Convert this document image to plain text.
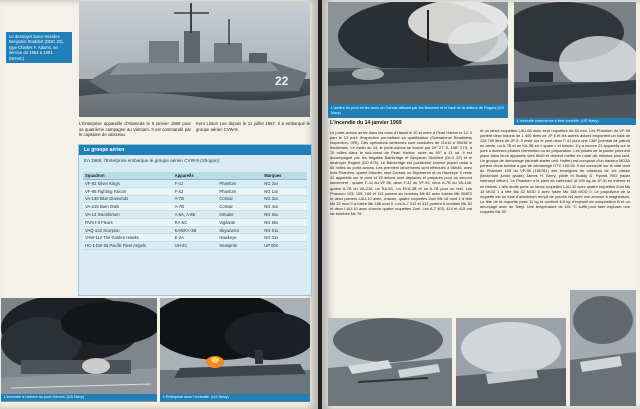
Le destroyer lance-missiles Benjamin Stoddert (DDG 22), type Charles F. Adams, en service de 1964 à 1991. (NHHC)
22
L'Enterprise appareille d'Alameda le 6 janvier 1969 pour sa quatrième campagne au Vietnam. Il est commandé par le capitaine de vaisseau
Kent Liston Lee depuis le 11 juillet 1967. Il a embarqué le groupe aérien CVW-9.
Le groupe aérien
En 1969, l'Enterprise embarque le groupe aérien CVW-9 (Shogun)
Squadron	Appareils		Marques
VF-92 Silver Kings	F-4J	Phantom	NG 2xx
VF-96 Fighting Falcon	F-4J	Phantom	NG 1xx
VA-146 Blue Diamonds	A-7B	Corsair	NG 3xx
VA-215 Barn Owls	A-7B	Corsair	NG 4xx
VA-14 Swordsmen	A-6A, A-6B	Intruder	NG 5xx
RVAH-6 Fleurs	RA-5C	Vigilante	NG 60x
VAQ-132 Scorpion	KA/EKA-3B	Skywarrior	NG 61x
VAW-112 The Golden Hawks	E-2A	Hawkeye	NG 01x
HC-1 Det 65 Pacific Fleet Angels	UH-2C	Seasprite	UP 00x
L'incendie à l'arrière du pont d'envol. (US Navy)	L'Enterprise avec l'incendie. (US Navy)
L'arrière du pont en feu avec un Corsair attisant par les flammes et le haut de la mâture de Rogers (US Navy)
L'incendie commence à être contrôlé. (US Navy)
L'incendie du 14 janvier 1969
Le porte-avions arrive dans les eaux d'Hawaï le 10 et entre à Pearl Harbor le 12. Il part le 13 pour l'inspection permettant sa qualification (Operational Readiness Inspection, ORI). Des opérations aériennes sont conduites de 11h10 à 00h38 le lendemain. Le matin du 14, le porte-avions se trouve par 20° 27' S, 158° 27'5, à 70 milles dans le sud-ouest de Pearl Harbor, route au 90° à 11 nd. Il est accompagné par les frégates Bainbridge et Benjamin Stoddert (DLG 22) et le destroyer Rogers (DD 876). Le Bainbridge est positionné comme piquet radar à 60 milles du porte-avions. Les premiers lancements sont effectués à 06h45, avec trois Phantom, quatre Intruder, sept Corsair, un Skywarrior et un Hawkeye. Il reste 41 appareils sur le pont et 15 avions sont déplacés et préparés pour un second lancement : quatre F-4J du VF-96, deux F-4J du VF-92, deux A-7B du VA-146, quatre A-7B du VA-215, un RA-5C, un EKA-3B et un A-7B pour un test. Les Phantom 103, 105, 106 et 113 portent six bombes Mk 82 avec fusées Mk 904E2 et deux paniers LAU-10 avec, chacun, quatre roquettes Zuni Mk 16 mod 1 à tête Mk 32 mod 0 à fusée Mk 188 mod 0. Les A-7 312 et 313 portent 6 bombes Mk 82 et deux LAU-10 avec chacun quatre roquettes Zuni. Les A-7 403, 414 et 415 ont six bombes Mk 76
et un lance-roquettes LAU-68 avec sept roquettes de 84 mm. Les Phantom du VF-96 portent deux bidons de 1 400 litres de JP 5 et les autres avions emportent un total de 128 700 litres de JP-5. Il reste sur le pont deux F-4J pour une CAP (combat air patrol) en alerte, un A-7B et un KA-3B en « spare » et besoin. Il y a encore 22 appareils sur le pont à diverses phases d'entretien ou de préparation. Les pilotes de la pointe prennent place dans leurs appareils vers 8h00 et doivent mettre en route dix minutes plus tard. Un groupe de démarrage (aircraft starter unit, Huffer) est composé d'un tracteur MD3A porteur d'une turbine à gaz de démarrage GTC 100-04. Il est connecté sur le côté droit du Phantom 105 du VF-96 (155781) des enseignes de vaisseau de 1re classe (lieutenant junior grade) James H. Berry, pilote et Buddy D. Pyeatt, RIO (radar intercept officer). Le Phantom a le plein de carburant (8 400 kg de JP-5) en interne et en bidons. L'aile droite porte un lance-roquettes LAU-10 avec quatre roquettes Zuni Mk 16 MOD 1 à tête Mk 32 MOD 0 avec fusée Mk 188 MOD 0. Le propulseur de la roquette est un tube d'aluminium rempli de poudre N4 avec une amorce à magnésium. La tête de la roquette pèse 11 kg et contient 6,8 kg d'explosif de composition B et un amorçage avec du Tetryl. Une température de 151 °C suffit pour faire exploser une roquette Mk 32.
